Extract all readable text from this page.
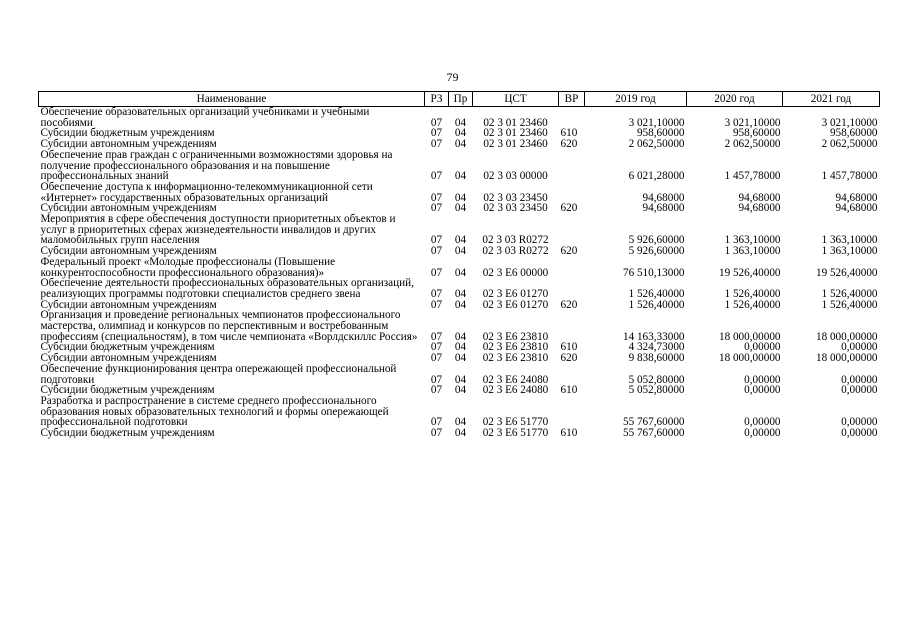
79
Наименование	РЗ	Пр	ЦСТ	ВР	2019 год	2020 год	2021 год
Обеспечение образовательных организаций учебниками и учебными пособиями	07	04	02 3 01 23460		3 021,10000	3 021,10000	3 021,10000
Субсидии бюджетным учреждениям	07	04	02 3 01 23460	610	958,60000	958,60000	958,60000
Субсидии автономным учреждениям	07	04	02 3 01 23460	620	2 062,50000	2 062,50000	2 062,50000
Обеспечение прав граждан с ограниченными возможностями здоровья на получение профессионального образования и на повышение профессиональных знаний	07	04	02 3 03 00000		6 021,28000	1 457,78000	1 457,78000
Обеспечение доступа к информационно-телекоммуникационной сети «Интернет» государственных образовательных организаций	07	04	02 3 03 23450		94,68000	94,68000	94,68000
Субсидии автономным учреждениям	07	04	02 3 03 23450	620	94,68000	94,68000	94,68000
Мероприятия в сфере обеспечения доступности приоритетных объектов и услуг в приоритетных сферах жизнедеятельности инвалидов и других маломобильных групп населения	07	04	02 3 03 R0272		5 926,60000	1 363,10000	1 363,10000
Субсидии автономным учреждениям	07	04	02 3 03 R0272	620	5 926,60000	1 363,10000	1 363,10000
Федеральный проект «Молодые профессионалы (Повышение конкурентоспособности профессионального образования)»	07	04	02 3 E6 00000		76 510,13000	19 526,40000	19 526,40000
Обеспечение деятельности профессиональных образовательных организаций, реализующих программы подготовки специалистов среднего звена	07	04	02 3 E6 01270		1 526,40000	1 526,40000	1 526,40000
Субсидии автономным учреждениям	07	04	02 3 E6 01270	620	1 526,40000	1 526,40000	1 526,40000
Организация и проведение региональных чемпионатов профессионального мастерства, олимпиад и конкурсов по перспективным и востребованным профессиям (специальностям), в том числе чемпионата «Ворлдскиллс Россия»	07	04	02 3 E6 23810		14 163,33000	18 000,00000	18 000,00000
Субсидии бюджетным учреждениям	07	04	02 3 E6 23810	610	4 324,73000	0,00000	0,00000
Субсидии автономным учреждениям	07	04	02 3 E6 23810	620	9 838,60000	18 000,00000	18 000,00000
Обеспечение функционирования центра опережающей профессиональной подготовки	07	04	02 3 E6 24080		5 052,80000	0,00000	0,00000
Субсидии бюджетным учреждениям	07	04	02 3 E6 24080	610	5 052,80000	0,00000	0,00000
Разработка и распространение в системе среднего профессионального образования новых образовательных технологий и формы опережающей профессиональной подготовки	07	04	02 3 E6 51770		55 767,60000	0,00000	0,00000
Субсидии бюджетным учреждениям	07	04	02 3 E6 51770	610	55 767,60000	0,00000	0,00000
